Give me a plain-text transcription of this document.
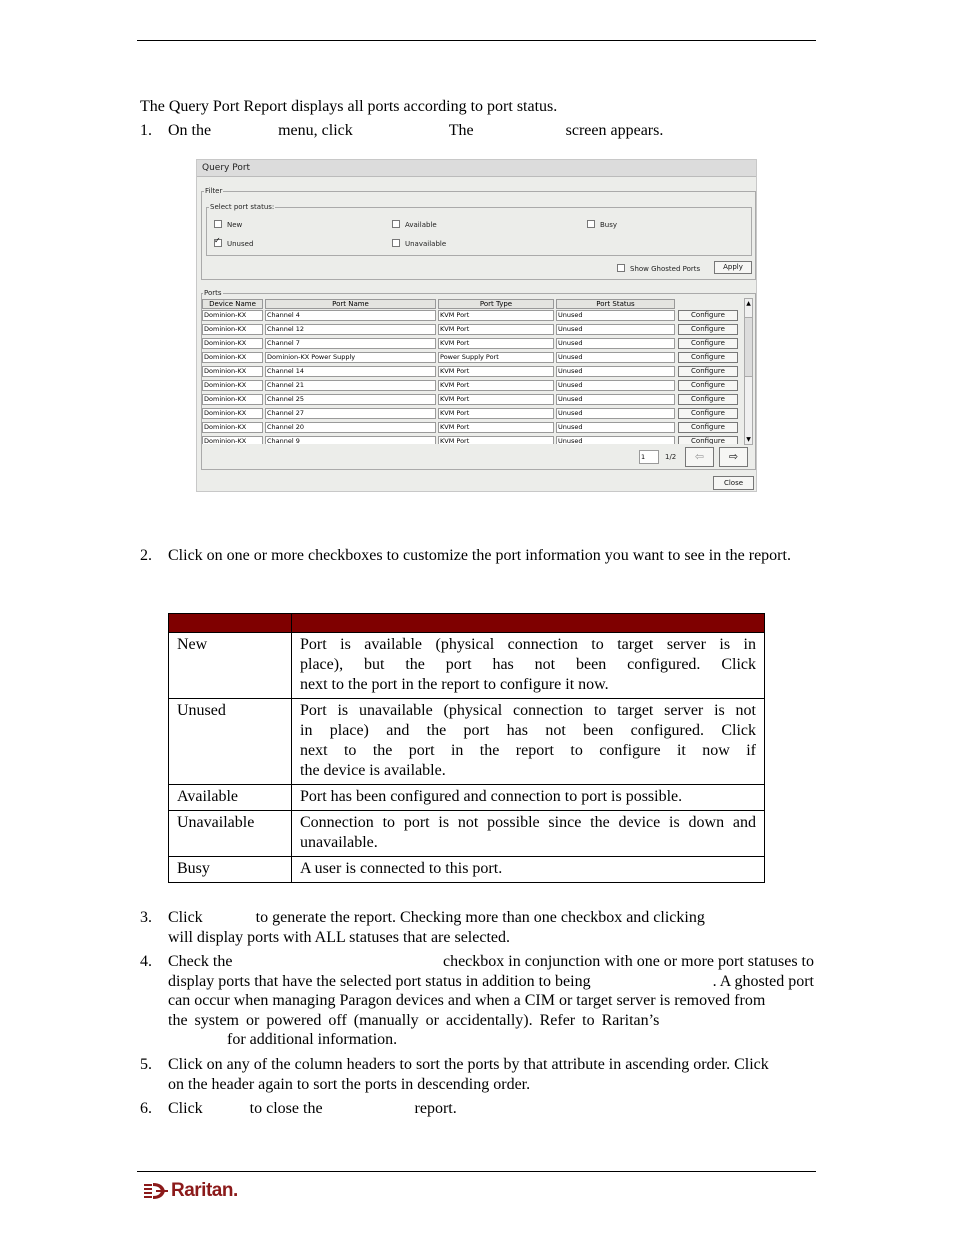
The Query Port Report displays all ports according to port status.
1. On the	menu, click	The	screen appears.
Query Port
Filter
Select port status:
New	Available	Busy
✓Unused	Unavailable
Show Ghosted Ports	Apply
Ports
Device Name	Port Name	Port Type	Port Status
Dominion-KX	Channel 4	KVM Port	Unused	Configure
Dominion-KX	Channel 12	KVM Port	Unused	Configure
Dominion-KX	Channel 7	KVM Port	Unused	Configure
Dominion-KX	Dominion-KX Power Supply	Power Supply Port	Unused	Configure
Dominion-KX	Channel 14	KVM Port	Unused	Configure
Dominion-KX	Channel 21	KVM Port	Unused	Configure
Dominion-KX	Channel 25	KVM Port	Unused	Configure
Dominion-KX	Channel 27	KVM Port	Unused	Configure
Dominion-KX	Channel 20	KVM Port	Unused	Configure
Dominion-KX	Channel 9	KVM Port	Unused	Configure
▲
▼
1	1/2	⇦	⇨
Close
2. Click on one or more checkboxes to customize the port information you want to see in the report.

New	Port is available (physical connection to target server is in
place), but the port has not been configured. Click
next to the port in the report to configure it now.

Unused	Port is unavailable (physical connection to target server is not
in place) and the port has not been configured. Click
next to the port in the report to configure it now if
the device is available.

Available	Port has been configured and connection to port is possible.

Unavailable	Connection to port is not possible since the device is down and
unavailable.

Busy	A user is connected to this port.
3. Click	to generate the report. Checking more than one checkbox and clicking
will display ports with ALL statuses that are selected.
4. Check the	checkbox in conjunction with one or more port statuses to
display ports that have the selected port status in addition to being	. A ghosted port
can occur when managing Paragon devices and when a CIM or target server is removed from
the system or powered off (manually or accidentally). Refer to Raritan’s
for additional information.
5. Click on any of the column headers to sort the ports by that attribute in ascending order. Click
on the header again to sort the ports in descending order.
6. Click	to close the	report.
Raritan.
